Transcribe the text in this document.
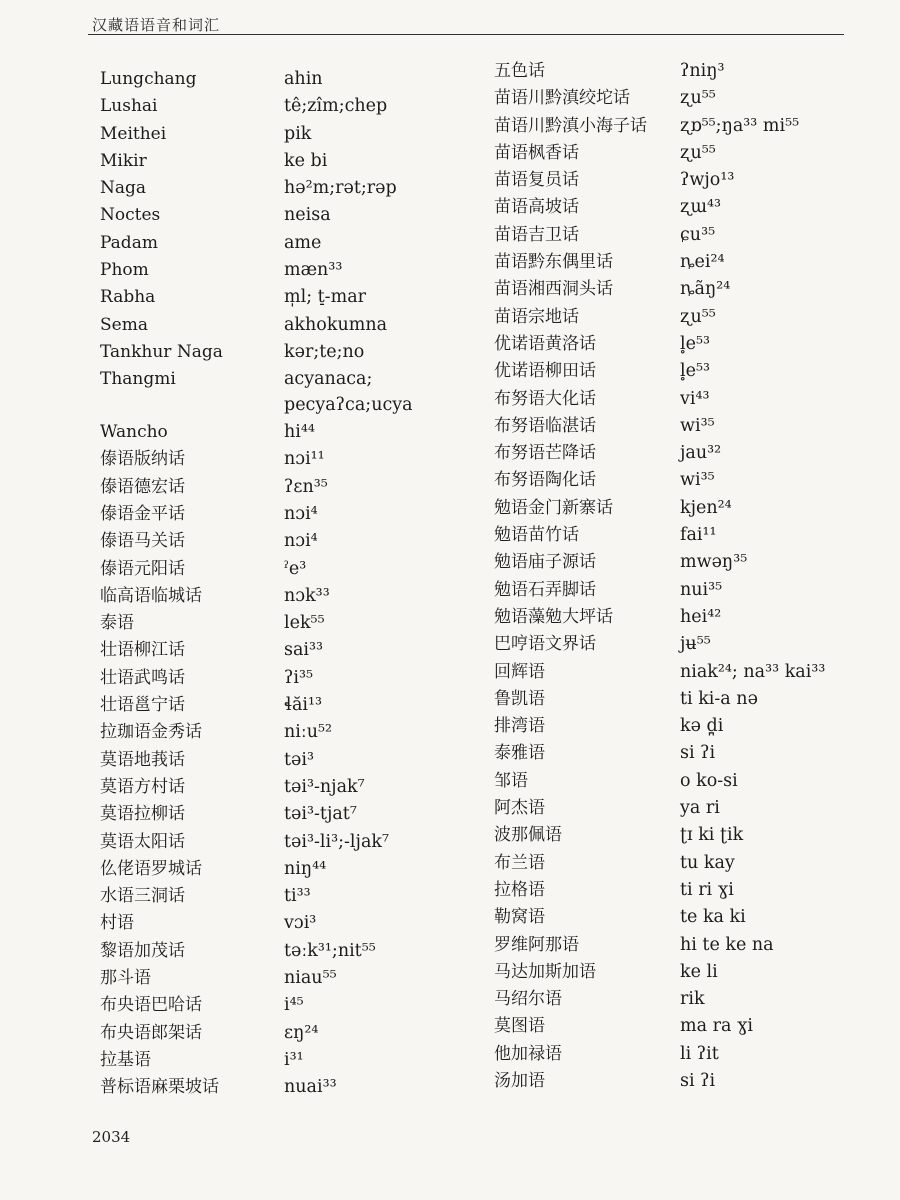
汉藏语语音和词汇
Lungchang	ahin
Lushai	tê;zîm;chep
Meithei	pik
Mikir	ke bi
Naga	hə²m;rət;rəp
Noctes	neisa
Padam	ame
Phom	mæn³³
Rabha	m̩l; t̠-mar
Sema	akhokumna
Tankhur Naga	kər;te;no
Thangmi	acyanaca; pecyaʔca;ucya
Wancho	hi⁴⁴
傣语版纳话	nɔi¹¹
傣语德宏话	ʔɛn³⁵
傣语金平话	nɔi⁴
傣语马关话	nɔi⁴
傣语元阳话	ˀe³
临高语临城话	nɔk³³
泰语	lek⁵⁵
壮语柳江话	sai³³
壮语武鸣话	ʔi³⁵
壮语邕宁话	ɬăi¹³
拉珈语金秀话	niːu⁵²
莫语地莪话	təi³
莫语方村话	təi³-njak⁷
莫语拉柳话	təi³-tjat⁷
莫语太阳话	təi³-li³;-ljak⁷
仫佬语罗城话	niŋ⁴⁴
水语三洞话	ti³³
村语	vɔi³
黎语加茂话	təːk³¹;nit⁵⁵
那斗语	niau⁵⁵
布央语巴哈话	i⁴⁵
布央语郎架话	ɛŋ²⁴
拉基语	i³¹
普标语麻栗坡话	nuai³³
五色话	ʔniŋ³
苗语川黔滇绞坨话	ʐu⁵⁵
苗语川黔滇小海子话 ʐɒ⁵⁵;ŋa³³ mi⁵⁵
苗语枫香话	ʐu⁵⁵
苗语复员话	ʔwjo¹³
苗语高坡话	ʐɯ⁴³
苗语吉卫话	ɕu³⁵
苗语黔东偶里话	ȵei²⁴
苗语湘西洞头话	ȵãŋ²⁴
苗语宗地话	ʐu⁵⁵
优诺语黄洛话	l̥e⁵³
优诺语柳田话	l̥e⁵³
布努语大化话	vi⁴³
布努语临湛话	wi³⁵
布努语芒降话	jau³²
布努语陶化话	wi³⁵
勉语金门新寨话	kjen²⁴
勉语苗竹话	fai¹¹
勉语庙子源话	mwəŋ³⁵
勉语石弄脚话	nui³⁵
勉语藻勉大坪话	hei⁴²
巴哼语文界话	jʉ⁵⁵
回辉语	niak²⁴; na³³ kai³³
鲁凯语	ti ki-a nə
排湾语	kə d̪i
泰雅语	si ʔi
邹语	o ko-si
阿杰语	ya ri
波那佩语	ʈɪ ki ʈik
布兰语	tu kay
拉格语	ti ri ɣi
勒窝语	te ka ki
罗维阿那语	hi te ke na
马达加斯加语	ke li
马绍尔语	rik
莫图语	ma ra ɣi
他加禄语	li ʔit
汤加语	si ʔi
2034
